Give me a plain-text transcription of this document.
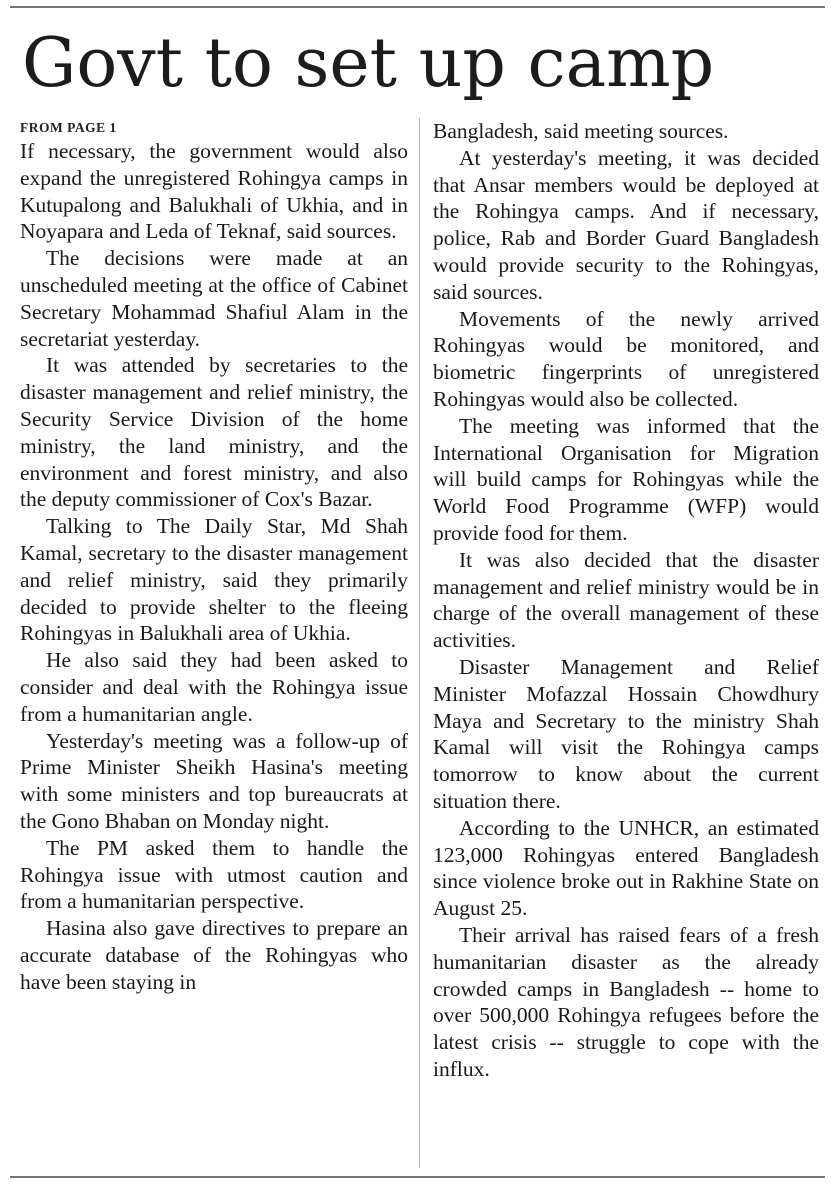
Govt to set up camp
FROM PAGE 1

If necessary, the government would also expand the unregistered Rohingya camps in Kutupalong and Balukhali of Ukhia, and in Noyapara and Leda of Teknaf, said sources.

The decisions were made at an unscheduled meeting at the office of Cabinet Secretary Mohammad Shafiul Alam in the secretariat yesterday.

It was attended by secretaries to the disaster management and relief ministry, the Security Service Division of the home ministry, the land ministry, and the environment and forest ministry, and also the deputy commissioner of Cox's Bazar.

Talking to The Daily Star, Md Shah Kamal, secretary to the disaster management and relief ministry, said they primarily decided to provide shelter to the fleeing Rohingyas in Balukhali area of Ukhia.

He also said they had been asked to consider and deal with the Rohingya issue from a humanitarian angle.

Yesterday's meeting was a follow-up of Prime Minister Sheikh Hasina's meeting with some ministers and top bureaucrats at the Gono Bhaban on Monday night.

The PM asked them to handle the Rohingya issue with utmost caution and from a humanitarian perspective.

Hasina also gave directives to prepare an accurate database of the Rohingyas who have been staying in

Bangladesh, said meeting sources.

At yesterday's meeting, it was decided that Ansar members would be deployed at the Rohingya camps. And if necessary, police, Rab and Border Guard Bangladesh would provide security to the Rohingyas, said sources.

Movements of the newly arrived Rohingyas would be monitored, and biometric fingerprints of unregistered Rohingyas would also be collected.

The meeting was informed that the International Organisation for Migration will build camps for Rohingyas while the World Food Programme (WFP) would provide food for them.

It was also decided that the disaster management and relief ministry would be in charge of the overall management of these activities.

Disaster Management and Relief Minister Mofazzal Hossain Chowdhury Maya and Secretary to the ministry Shah Kamal will visit the Rohingya camps tomorrow to know about the current situation there.

According to the UNHCR, an estimated 123,000 Rohingyas entered Bangladesh since violence broke out in Rakhine State on August 25.

Their arrival has raised fears of a fresh humanitarian disaster as the already crowded camps in Bangladesh -- home to over 500,000 Rohingya refugees before the latest crisis -- struggle to cope with the influx.
